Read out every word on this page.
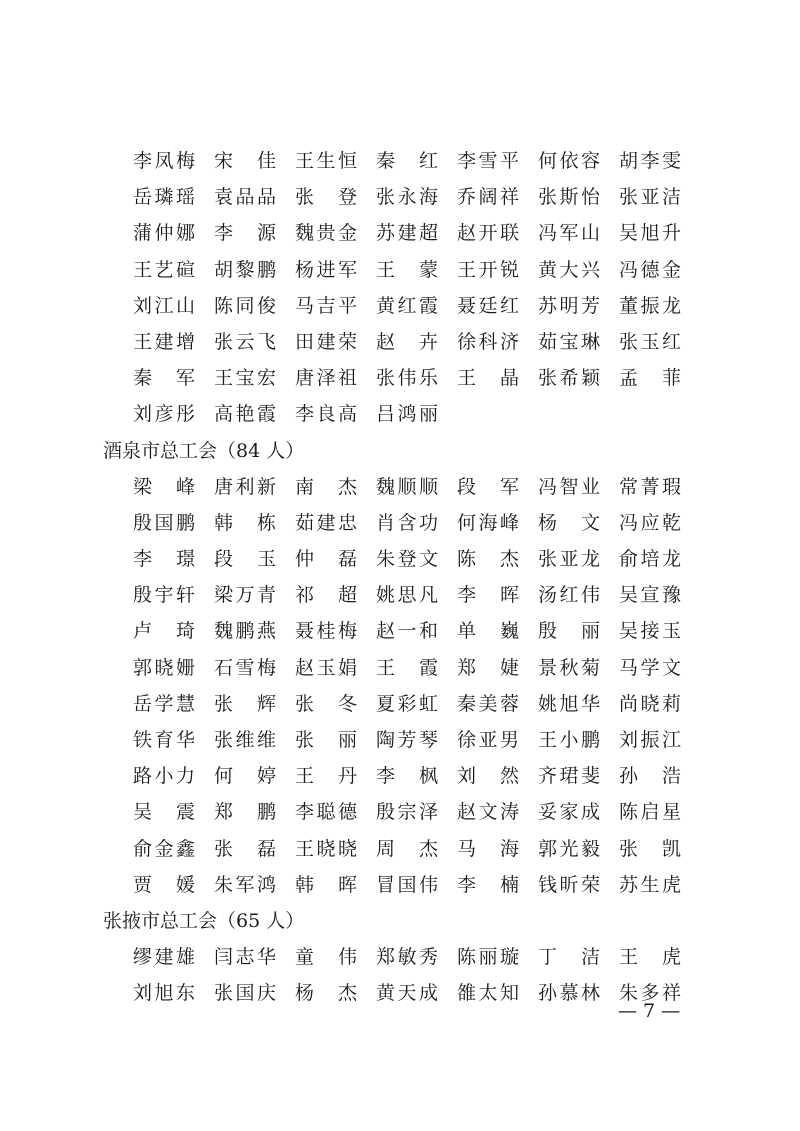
李 凤 梅 宋 佳 王 生 恒 秦 红 李 雪 平 何 依 容 胡 李 雯
岳 璘 瑶 袁 品 品 张 登 张 永 海 乔 阔 祥 张 斯 怡 张 亚 洁
蒲 仲 娜 李 源 魏 贵 金 苏 建 超 赵 开 联 冯 军 山 吴 旭 升
王 艺 碹 胡 黎 鹏 杨 进 军 王 蒙 王 开 锐 黄 大 兴 冯 德 金
刘 江 山 陈 同 俊 马 吉 平 黄 红 霞 聂 廷 红 苏 明 芳 董 振 龙
王 建 增 张 云 飞 田 建 荣 赵 卉 徐 科 济 茹 宝 琳 张 玉 红
秦 军 王 宝 宏 唐 泽 祖 张 伟 乐 王 晶 张 希 颖 孟 菲
刘 彦 彤 高 艳 霞 李 良 高 吕 鸿 丽
酒泉市总工会（84 人）
梁 峰 唐 利 新 南 杰 魏 顺 顺 段 军 冯 智 业 常 菁 瑕
殷 国 鹏 韩 栋 茹 建 忠 肖 含 功 何 海 峰 杨 文 冯 应 乾
李 璟 段 玉 仲 磊 朱 登 文 陈 杰 张 亚 龙 俞 培 龙
殷 宇 轩 梁 万 青 祁 超 姚 思 凡 李 晖 汤 红 伟 吴 宣 豫
卢 琦 魏 鹏 燕 聂 桂 梅 赵 一 和 单 巍 殷 丽 吴 接 玉
郭 晓 姗 石 雪 梅 赵 玉 娟 王 霞 郑 婕 景 秋 菊 马 学 文
岳 学 慧 张 辉 张 冬 夏 彩 虹 秦 美 蓉 姚 旭 华 尚 晓 莉
铁 育 华 张 维 维 张 丽 陶 芳 琴 徐 亚 男 王 小 鹏 刘 振 江
路 小 力 何 婷 王 丹 李 枫 刘 然 齐 珺 斐 孙 浩
吴 震 郑 鹏 李 聪 德 殷 宗 泽 赵 文 涛 妥 家 成 陈 启 星
俞 金 鑫 张 磊 王 晓 晓 周 杰 马 海 郭 光 毅 张 凯
贾 媛 朱 军 鸿 韩 晖 冒 国 伟 李 楠 钱 昕 荣 苏 生 虎
张掖市总工会（65 人）
缪 建 雄 闫 志 华 童 伟 郑 敏 秀 陈 丽 璇 丁 洁 王 虎
刘 旭 东 张 国 庆 杨 杰 黄 天 成 雒 太 知 孙 慕 林 朱 多 祥
— 7 —
